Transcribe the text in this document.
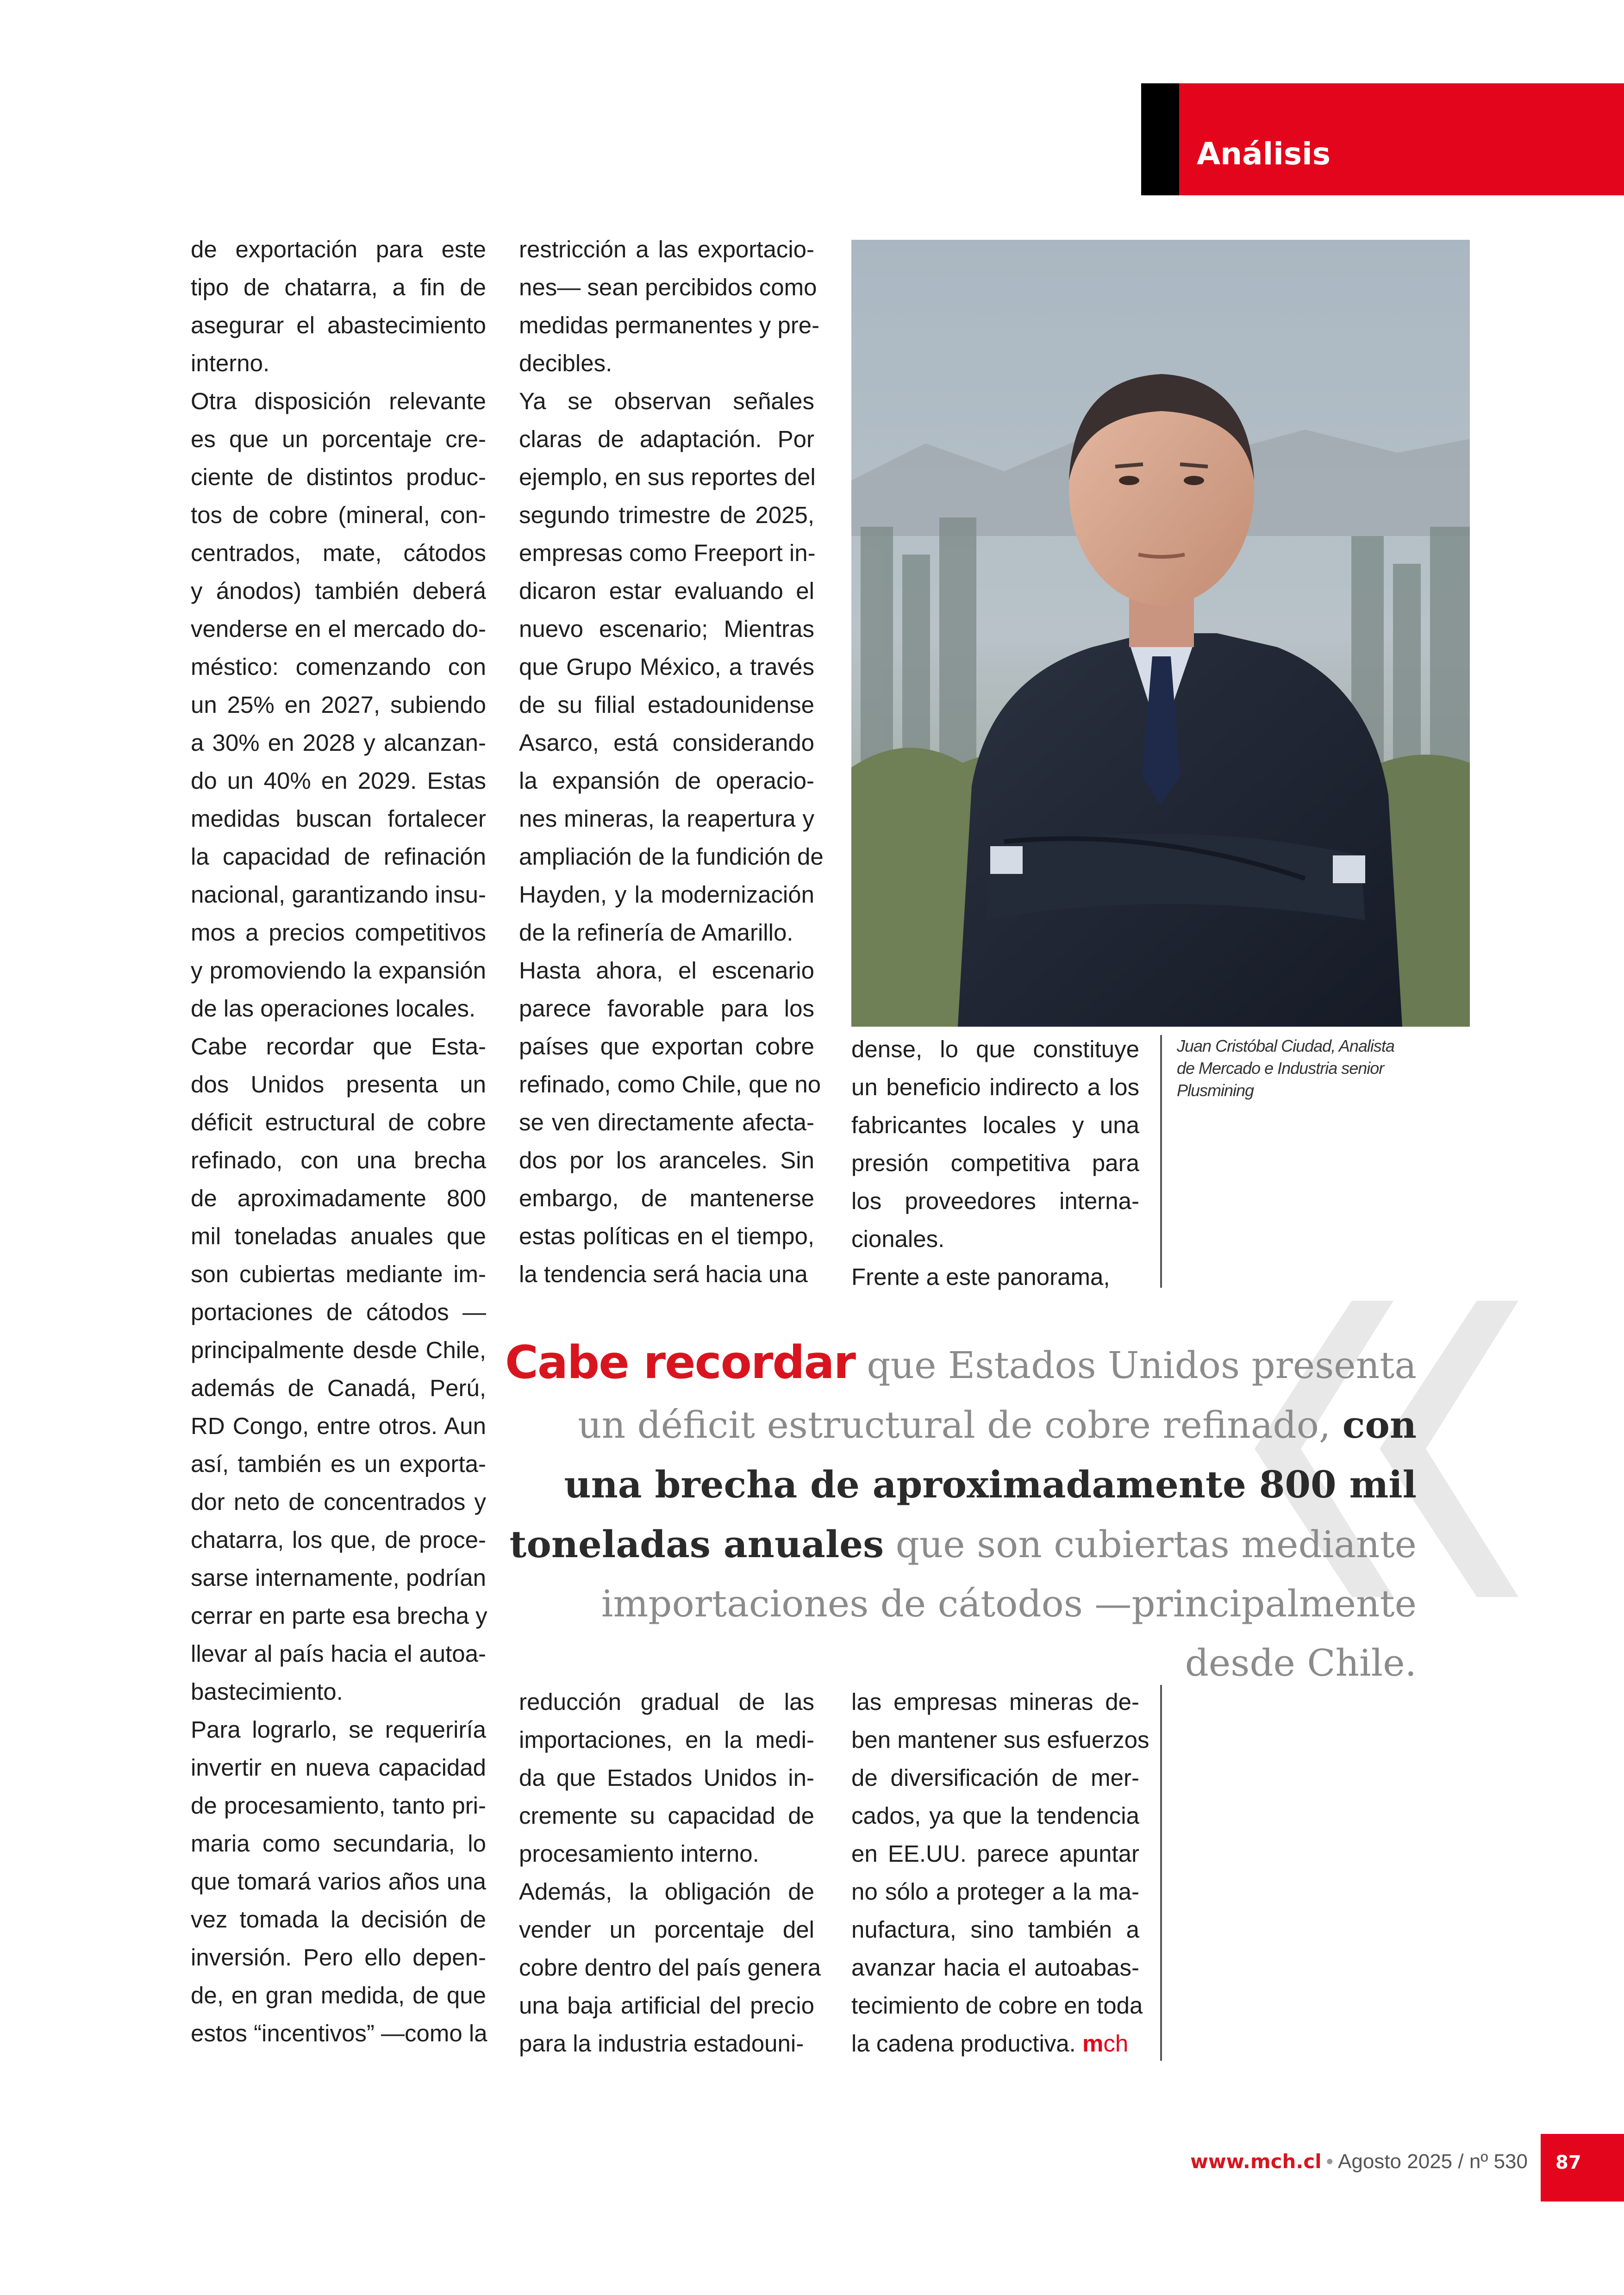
Análisis
de exportación para este
tipo de chatarra, a fin de
asegurar el abastecimiento
interno.
Otra disposición relevante
es que un porcentaje cre-
ciente de distintos produc-
tos de cobre (mineral, con-
centrados, mate, cátodos
y ánodos) también deberá
venderse en el mercado do-
méstico: comenzando con
un 25% en 2027, subiendo
a 30% en 2028 y alcanzan-
do un 40% en 2029. Estas
medidas buscan fortalecer
la capacidad de refinación
nacional, garantizando insu-
mos a precios competitivos
y promoviendo la expansión
de las operaciones locales.
Cabe recordar que Esta-
dos Unidos presenta un
déficit estructural de cobre
refinado, con una brecha
de aproximadamente 800
mil toneladas anuales que
son cubiertas mediante im-
portaciones de cátodos —
principalmente desde Chile,
además de Canadá, Perú,
RD Congo, entre otros. Aun
así, también es un exporta-
dor neto de concentrados y
chatarra, los que, de proce-
sarse internamente, podrían
cerrar en parte esa brecha y
llevar al país hacia el autoa-
bastecimiento.
Para lograrlo, se requeriría
invertir en nueva capacidad
de procesamiento, tanto pri-
maria como secundaria, lo
que tomará varios años una
vez tomada la decisión de
inversión. Pero ello depen-
de, en gran medida, de que
estos “incentivos” —como la
restricción a las exportacio-
nes— sean percibidos como
medidas permanentes y pre-
decibles.
Ya se observan señales
claras de adaptación. Por
ejemplo, en sus reportes del
segundo trimestre de 2025,
empresas como Freeport in-
dicaron estar evaluando el
nuevo escenario; Mientras
que Grupo México, a través
de su filial estadounidense
Asarco, está considerando
la expansión de operacio-
nes mineras, la reapertura y
ampliación de la fundición de
Hayden, y la modernización
de la refinería de Amarillo.
Hasta ahora, el escenario
parece favorable para los
países que exportan cobre
refinado, como Chile, que no
se ven directamente afecta-
dos por los aranceles. Sin
embargo, de mantenerse
estas políticas en el tiempo,
la tendencia será hacia una
Juan Cristóbal Ciudad, Analista
de Mercado e Industria senior
Plusmining
dense, lo que constituye
un beneficio indirecto a los
fabricantes locales y una
presión competitiva para
los proveedores interna-
cionales.
Frente a este panorama,
Cabe recordar que Estados Unidos presenta un déficit estructural de cobre refinado, con una brecha de aproximadamente 800 mil toneladas anuales que son cubiertas mediante importaciones de cátodos —principalmente desde Chile.
reducción gradual de las
importaciones, en la medi-
da que Estados Unidos in-
cremente su capacidad de
procesamiento interno.
Además, la obligación de
vender un porcentaje del
cobre dentro del país genera
una baja artificial del precio
para la industria estadouni-
las empresas mineras de-
ben mantener sus esfuerzos
de diversificación de mer-
cados, ya que la tendencia
en EE.UU. parece apuntar
no sólo a proteger a la ma-
nufactura, sino también a
avanzar hacia el autoabas-
tecimiento de cobre en toda
la cadena productiva. mch
www.mch.cl • Agosto 2025 / nº 530 87
